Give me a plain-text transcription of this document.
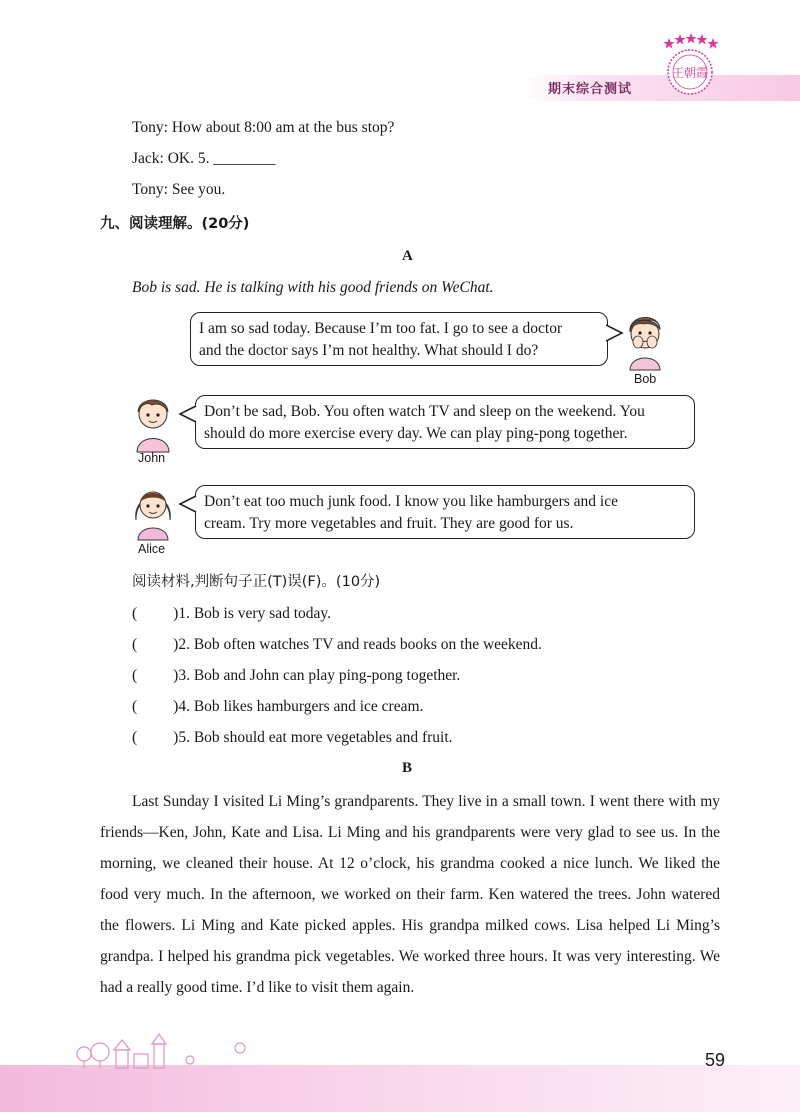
期末综合测试
王朝霞
Tony: How about 8:00 am at the bus stop?
Jack: OK. 5. ________
Tony: See you.
九、阅读理解。(20分)
A
Bob is sad. He is talking with his good friends on WeChat.
I am so sad today. Because I’m too fat. I go to see a doctor
and the doctor says I’m not healthy. What should I do?
Bob
Don’t be sad, Bob. You often watch TV and sleep on the weekend. You
should do more exercise every day. We can play ping-pong together.
John
Don’t eat too much junk food. I know you like hamburgers and ice
cream. Try more vegetables and fruit. They are good for us.
Alice
阅读材料,判断句子正(T)误(F)。(10分)
( )1. Bob is very sad today.
( )2. Bob often watches TV and reads books on the weekend.
( )3. Bob and John can play ping-pong together.
( )4. Bob likes hamburgers and ice cream.
( )5. Bob should eat more vegetables and fruit.
B
Last Sunday I visited Li Ming’s grandparents. They live in a small town. I went there with my friends—Ken, John, Kate and Lisa. Li Ming and his grandparents were very glad to see us. In the morning, we cleaned their house. At 12 o’clock, his grandma cooked a nice lunch. We liked the food very much. In the afternoon, we worked on their farm. Ken watered the trees. John watered the flowers. Li Ming and Kate picked apples. His grandpa milked cows. Lisa helped Li Ming’s grandpa. I helped his grandma pick vegetables. We worked three hours. It was very interesting. We had a really good time. I’d like to visit them again.
59
